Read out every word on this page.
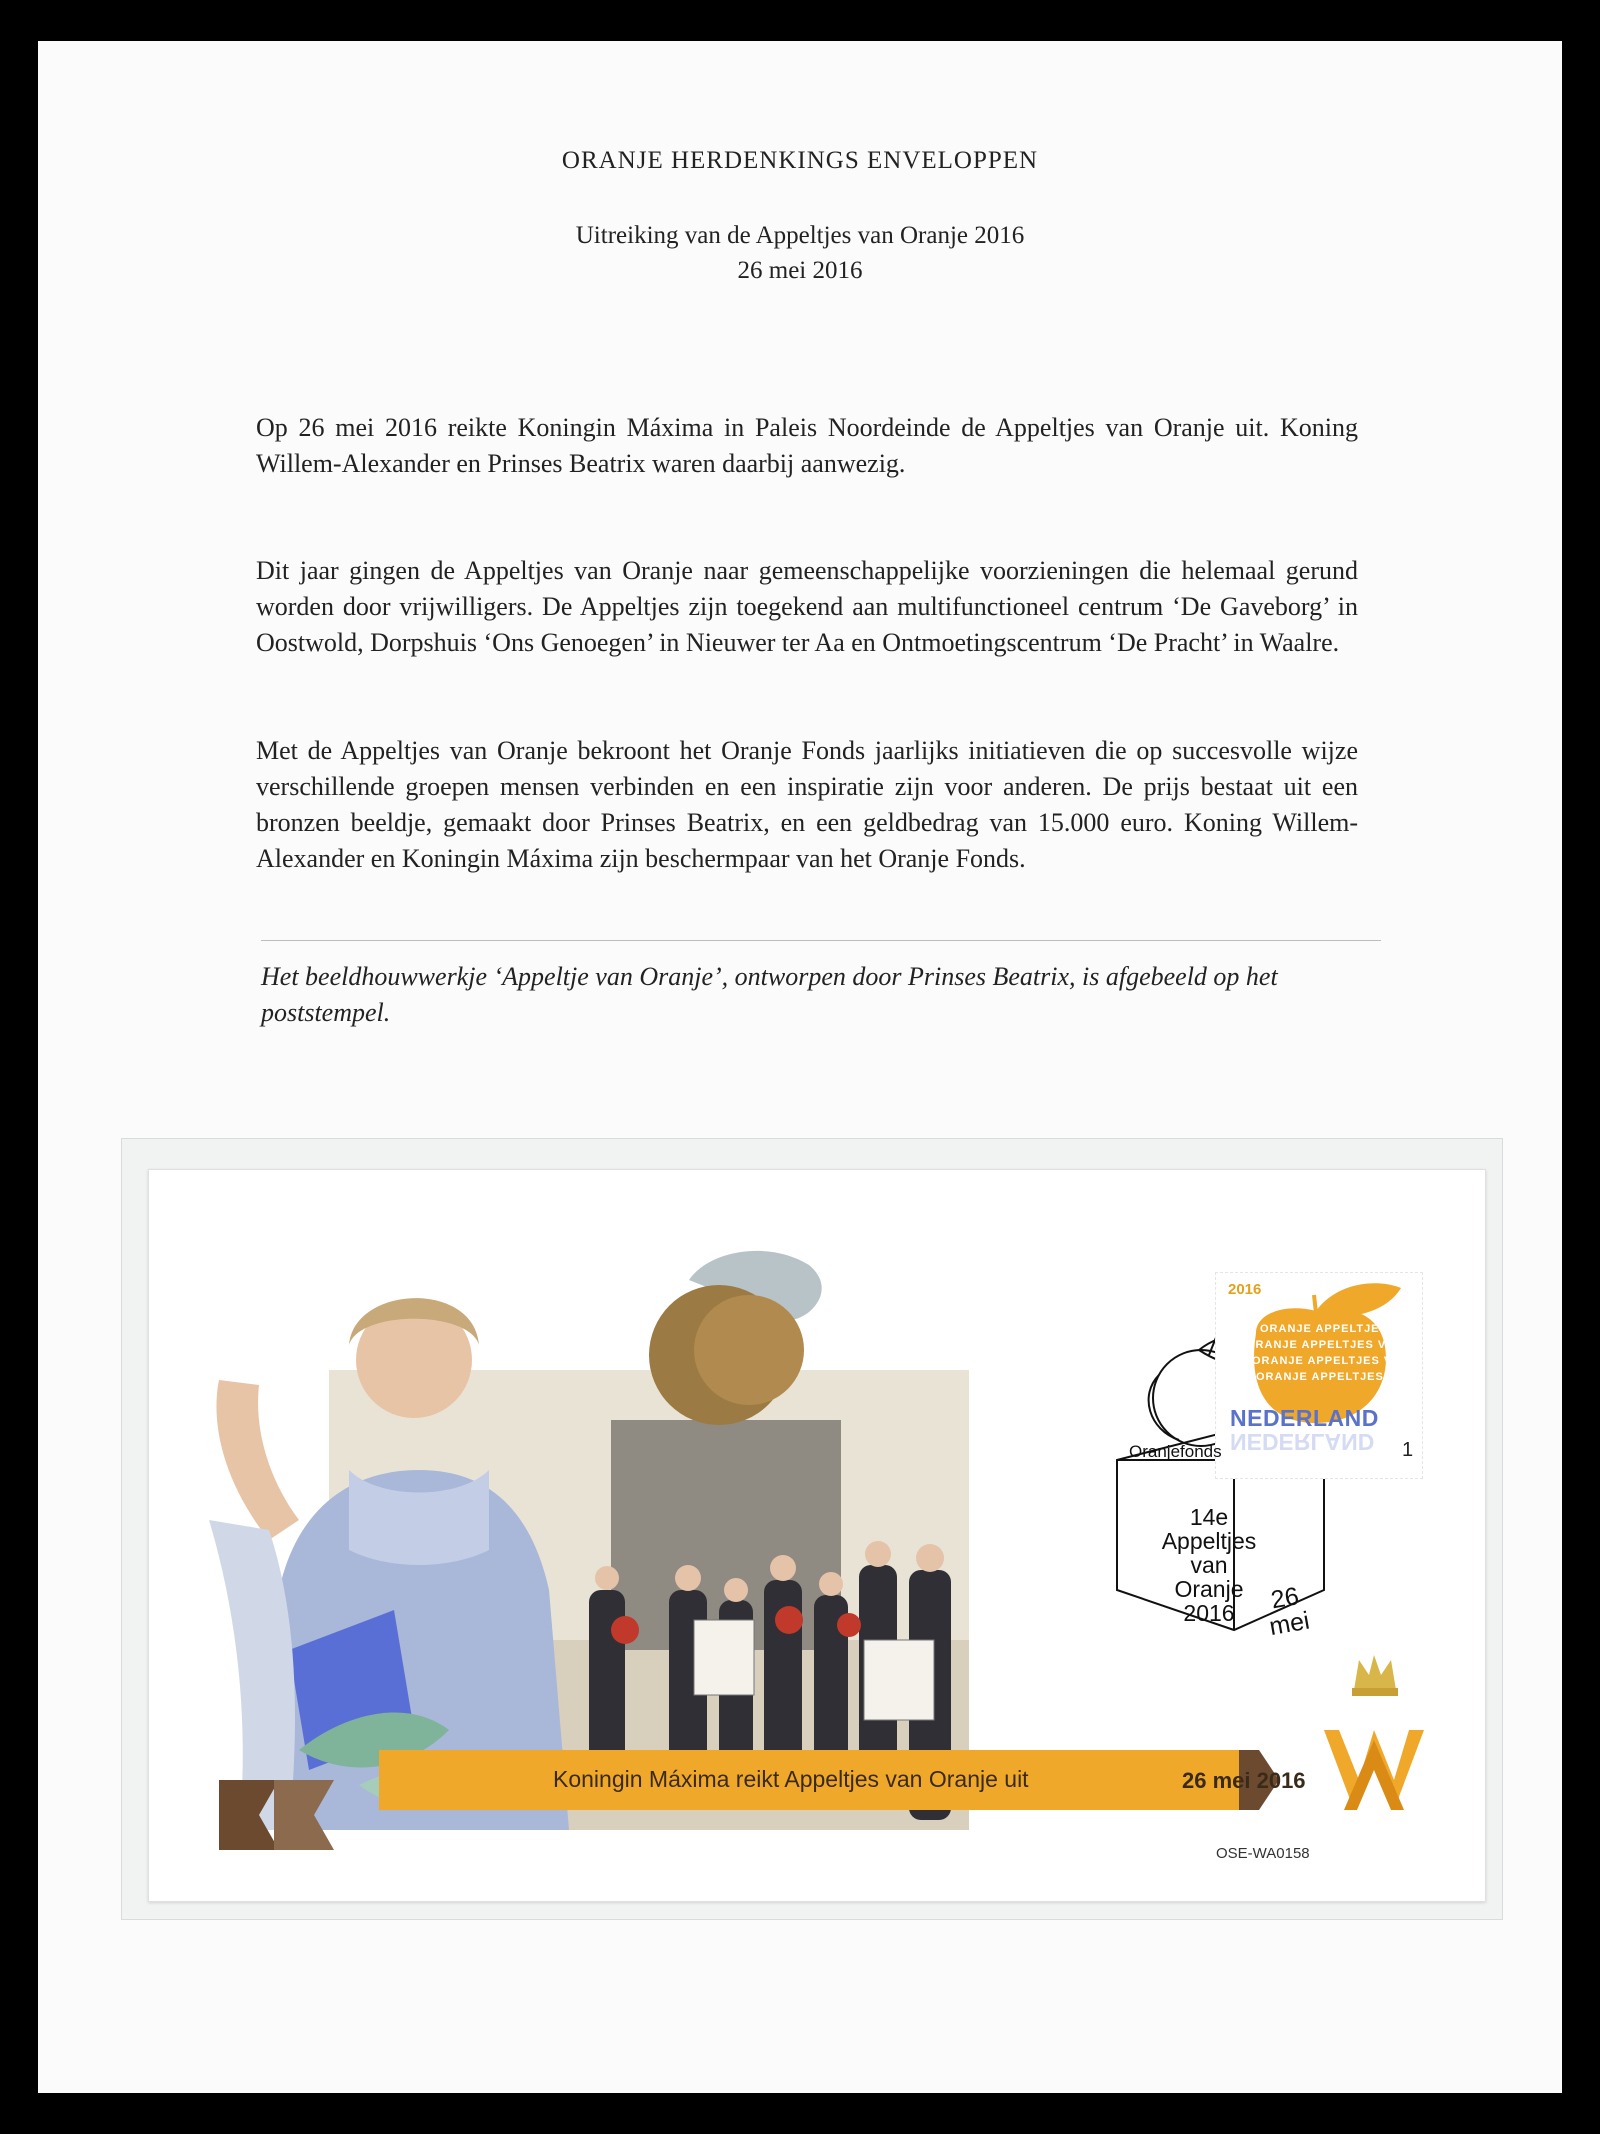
ORANJE HERDENKINGS ENVELOPPEN
Uitreiking van de Appeltjes van Oranje 2016
26 mei 2016

Op 26 mei 2016 reikte Koningin Máxima in Paleis Noordeinde de Appeltjes van Oranje uit. Koning Willem-Alexander en Prinses Beatrix waren daarbij aanwezig.

Dit jaar gingen de Appeltjes van Oranje naar gemeenschappelijke voorzieningen die helemaal gerund worden door vrijwilligers. De Appeltjes zijn toegekend aan multifunctioneel centrum ‘De Gaveborg’ in Oostwold, Dorpshuis ‘Ons Genoegen’ in Nieuwer ter Aa en Ontmoetingscentrum ‘De Pracht’ in Waalre.

Met de Appeltjes van Oranje bekroont het Oranje Fonds jaarlijks initiatieven die op succesvolle wijze verschillende groepen mensen verbinden en een inspiratie zijn voor anderen. De prijs bestaat uit een bronzen beeldje, gemaakt door Prinses Beatrix, en een geldbedrag van 15.000 euro. Koning Willem-Alexander en Koningin Máxima zijn beschermpaar van het Oranje Fonds.

Het beeldhouwwerkje ‘Appeltje van Oranje’, ontworpen door Prinses Beatrix, is afgebeeld op het poststempel.

Koningin Máxima reikt Appeltjes van Oranje uit	26 mei 2016
OSE-WA0158
ORANJE APPELTJES VAN
ORANJE APPELTJES VAN
ORANJE APPELTJES VAN
ORANJE APPELTJES VAN
2016
NEDERLAND
NEDERLAND 1
Oranjefonds
14e
Appeltjes
van
Oranje
2016	26
mei
